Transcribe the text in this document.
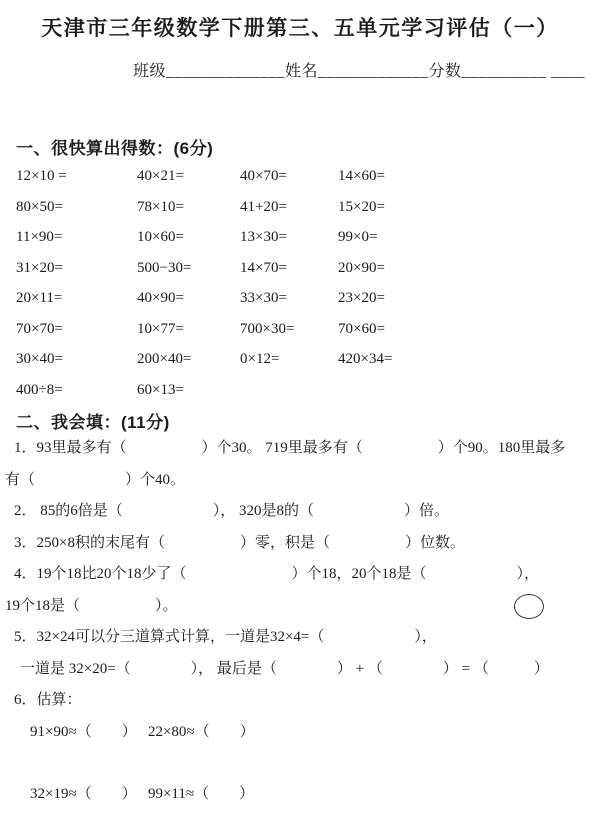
天津市三年级数学下册第三、五单元学习评估（一）
班级______________姓名_____________分数__________ ____
一、很快算出得数：(6分)
12×10 =	40×21=	40×70=	14×60=
80×50=	78×10=	41+20=	15×20=
11×90=	10×60=	13×30=	99×0=
31×20=	500−30=	14×70=	20×90=
20×11=	40×90=	33×30=	23×20=
70×70=	10×77=	700×30=	70×60=
30×40=	200×40=	0×12=	420×34=
400÷8=	60×13=
二、我会填：(11分)
1．93里最多有（　　　　　）个30。 719里最多有（　　　　　）个90。180里最多
有（　　　　　　）个40。
2． 85的6倍是（　　　　　　）， 320是8的（　　　　　　）倍。
3．250×8积的末尾有（　　　　　）零，积是（　　　　　）位数。
4．19个18比20个18少了（　　　　　　　）个18，20个18是（　　　　　　），
19个18是（　　　　　）。
5．32×24可以分三道算式计算，一道是32×4=（　　　　　　），
一道是 32×20=（　　　　）， 最后是（　　　　） + （　　　　） = （　　　）
6．估算：
91×90≈（　　）　 22×80≈（　　）
32×19≈（　　）　 99×11≈（　　）
